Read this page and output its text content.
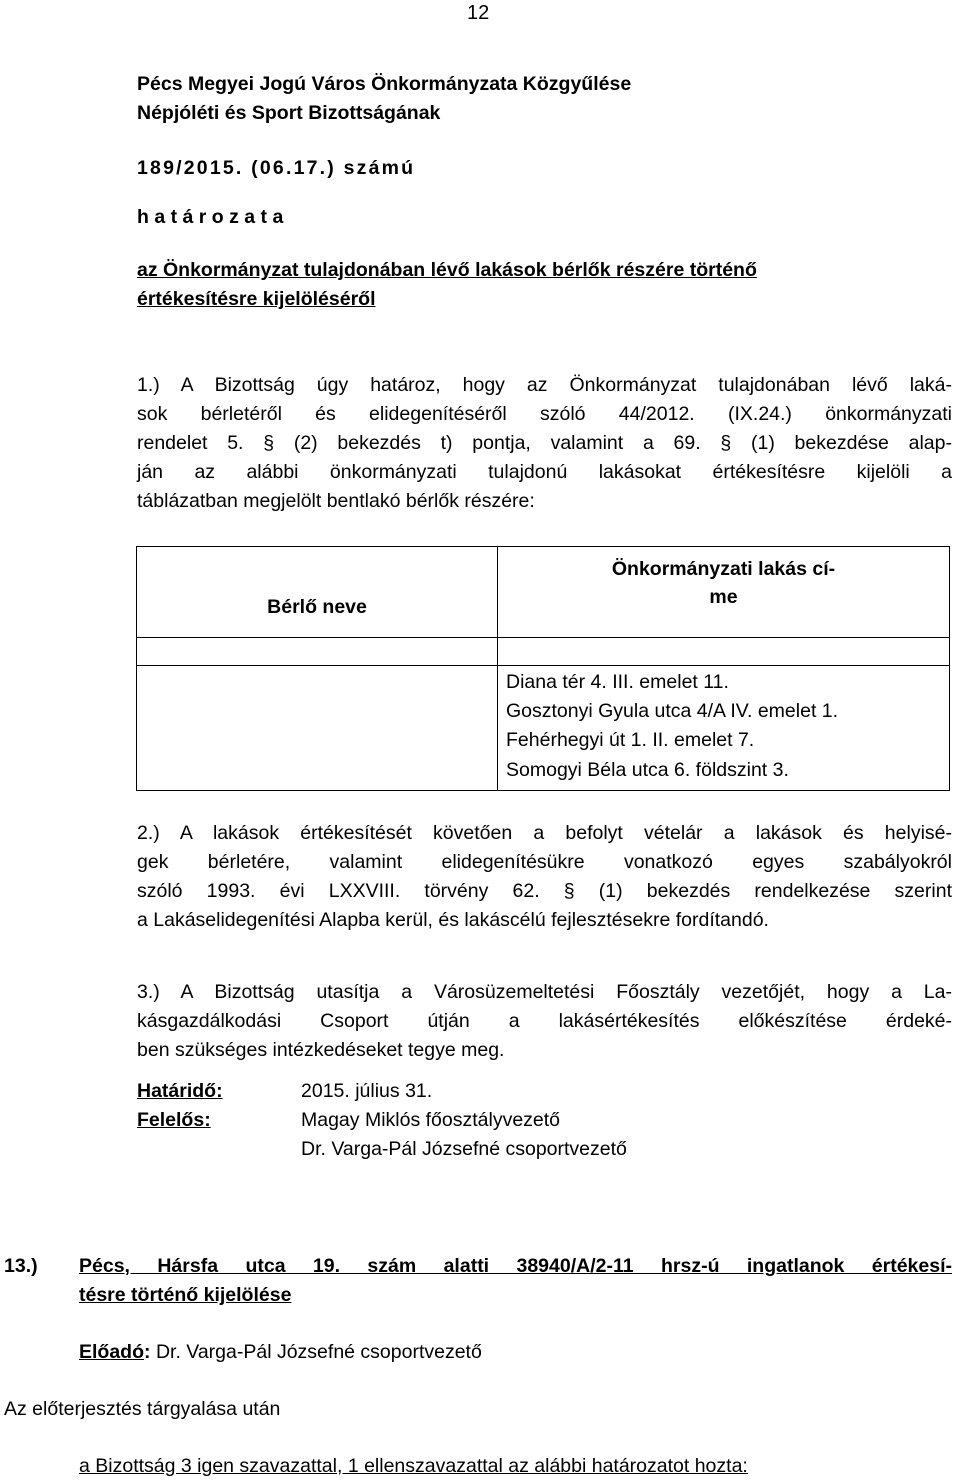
12
Pécs Megyei Jogú Város Önkormányzata Közgyűlése
Népjóléti és Sport Bizottságának
189/2015. (06.17.) számú
h a t á r o z a t a
az Önkormányzat tulajdonában lévő lakások bérlők részére történő
értékesítésre kijelöléséről
1.) A Bizottság úgy határoz, hogy az Önkormányzat tulajdonában lévő laká-
sok bérletéről és elidegenítéséről szóló 44/2012. (IX.24.) önkormányzati
rendelet 5. § (2) bekezdés t) pontja, valamint a 69. § (1) bekezdése alap-
ján az alábbi önkormányzati tulajdonú lakásokat értékesítésre kijelöli a
táblázatban megjelölt bentlakó bérlők részére:
Bérlő neve	Önkormányzati lakás cí-
me

	Diana tér 4. III. emelet 11.
	Gosztonyi Gyula utca 4/A IV. emelet 1.
	Fehérhegyi út 1. II. emelet 7.
	Somogyi Béla utca 6. földszint 3.
2.) A lakások értékesítését követően a befolyt vételár a lakások és helyisé-
gek bérletére, valamint elidegenítésükre vonatkozó egyes szabályokról
szóló 1993. évi LXXVIII. törvény 62. § (1) bekezdés rendelkezése szerint
a Lakáselidegenítési Alapba kerül, és lakáscélú fejlesztésekre fordítandó.
3.) A Bizottság utasítja a Városüzemeltetési Főosztály vezetőjét, hogy a La-
kásgazdálkodási Csoport útján a lakásértékesítés előkészítése érdeké-
ben szükséges intézkedéseket tegye meg.
Határidő:	2015. július 31.
Felelős:	Magay Miklós főosztályvezető
Dr. Varga-Pál Józsefné csoportvezető
13.) Pécs, Hársfa utca 19. szám alatti 38940/A/2-11 hrsz-ú ingatlanok értékesí-
tésre történő kijelölése
Előadó: Dr. Varga-Pál Józsefné csoportvezető
Az előterjesztés tárgyalása után
a Bizottság 3 igen szavazattal, 1 ellenszavazattal az alábbi határozatot hozta:
